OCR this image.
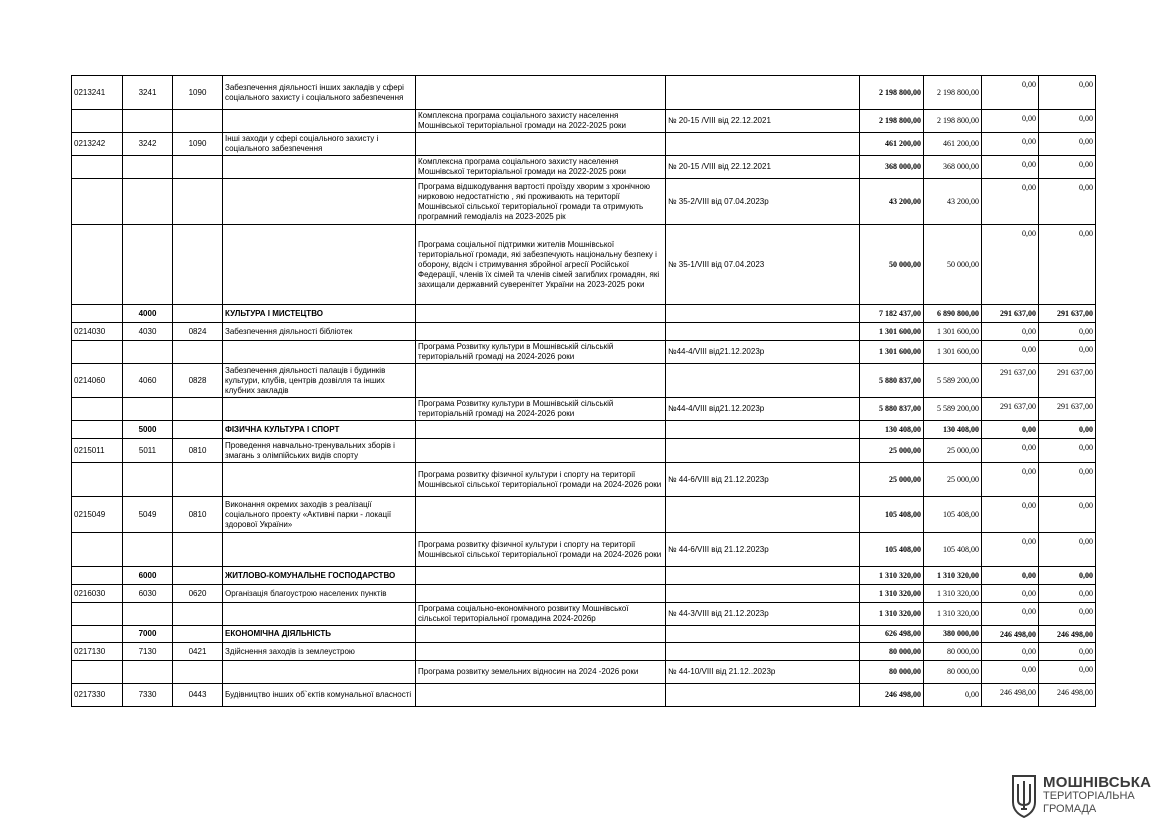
0213241	3241	1090	Забезпечення діяльності інших закладів у сфері соціального захисту і соціального забезпечення			2 198 800,00	2 198 800,00	0,00	0,00
				Комплексна програма соціального захисту населення Мошнівської територіальної громади на 2022-2025 роки	№ 20-15 /VIII від 22.12.2021	2 198 800,00	2 198 800,00	0,00	0,00
0213242	3242	1090	Інші заходи у сфері соціального захисту і соціального забезпечення			461 200,00	461 200,00	0,00	0,00
				Комплексна програма соціального захисту населення Мошнівської територіальної громади на 2022-2025 роки	№ 20-15 /VIII від 22.12.2021	368 000,00	368 000,00	0,00	0,00
				Програма відшкодування вартості проїзду хворим з хронічною нирковою недостатністю , які проживають на території Мошнівської сільської територіальної громади та отримують програмний гемодіаліз на 2023-2025 рік	№ 35-2/VIII від 07.04.2023р	43 200,00	43 200,00	0,00	0,00
				Програма соціальної підтримки жителів Мошнівської територіальної громади, які забезпечують національну безпеку і оборону, відсіч і стримування збройної агресії Російської Федерації, членів їх сімей та членів сімей загиблих громадян, які захищали державний суверенітет України на 2023-2025 роки	№ 35-1/VIII від 07.04.2023	50 000,00	50 000,00	0,00	0,00
	4000		КУЛЬТУРА І МИСТЕЦТВО			7 182 437,00	6 890 800,00	291 637,00	291 637,00
0214030	4030	0824	Забезпечення діяльності бібліотек			1 301 600,00	1 301 600,00	0,00	0,00
				Програма Розвитку культури в Мошнівській сільській територіальній громаді на 2024-2026 роки	№44-4/VIII від21.12.2023р	1 301 600,00	1 301 600,00	0,00	0,00
0214060	4060	0828	Забезпечення діяльності палаців і будинків культури, клубів, центрів дозвілля та інших клубних закладів			5 880 837,00	5 589 200,00	291 637,00	291 637,00
				Програма Розвитку культури в Мошнівській сільській територіальній громаді на 2024-2026 роки	№44-4/VIII від21.12.2023р	5 880 837,00	5 589 200,00	291 637,00	291 637,00
	5000		ФІЗИЧНА КУЛЬТУРА І СПОРТ			130 408,00	130 408,00	0,00	0,00
0215011	5011	0810	Проведення навчально-тренувальних зборів і змагань з олімпійських видів спорту			25 000,00	25 000,00	0,00	0,00
				Програма розвитку фізичної культури і спорту на території Мошнівської сільської територіальної громади на 2024-2026 роки	№ 44-6/VIII від 21.12.2023р	25 000,00	25 000,00	0,00	0,00
0215049	5049	0810	Виконання окремих заходів з реалізації соціального проекту «Активні парки - локації здорової України»			105 408,00	105 408,00	0,00	0,00
				Програма розвитку фізичної культури і спорту на території Мошнівської сільської територіальної громади на 2024-2026 роки	№ 44-6/VIII від 21.12.2023р	105 408,00	105 408,00	0,00	0,00
	6000		ЖИТЛОВО-КОМУНАЛЬНЕ ГОСПОДАРСТВО			1 310 320,00	1 310 320,00	0,00	0,00
0216030	6030	0620	Організація благоустрою населених пунктів			1 310 320,00	1 310 320,00	0,00	0,00
				Програма соціально-економічного розвитку Мошнівської сільської територіальної громадина 2024-2026р	№ 44-3/VIII від 21.12.2023р	1 310 320,00	1 310 320,00	0,00	0,00
	7000		ЕКОНОМІЧНА ДІЯЛЬНІСТЬ			626 498,00	380 000,00	246 498,00	246 498,00
0217130	7130	0421	Здійснення заходів із землеустрою			80 000,00	80 000,00	0,00	0,00
				Програма розвитку земельних відносин на 2024 -2026 роки	№ 44-10/VIII від 21.12..2023р	80 000,00	80 000,00	0,00	0,00
0217330	7330	0443	Будівництво інших об`єктів комунальної власності			246 498,00	0,00	246 498,00	246 498,00
МОШНІВСЬКА
ТЕРИТОРІАЛЬНА
ГРОМАДА
